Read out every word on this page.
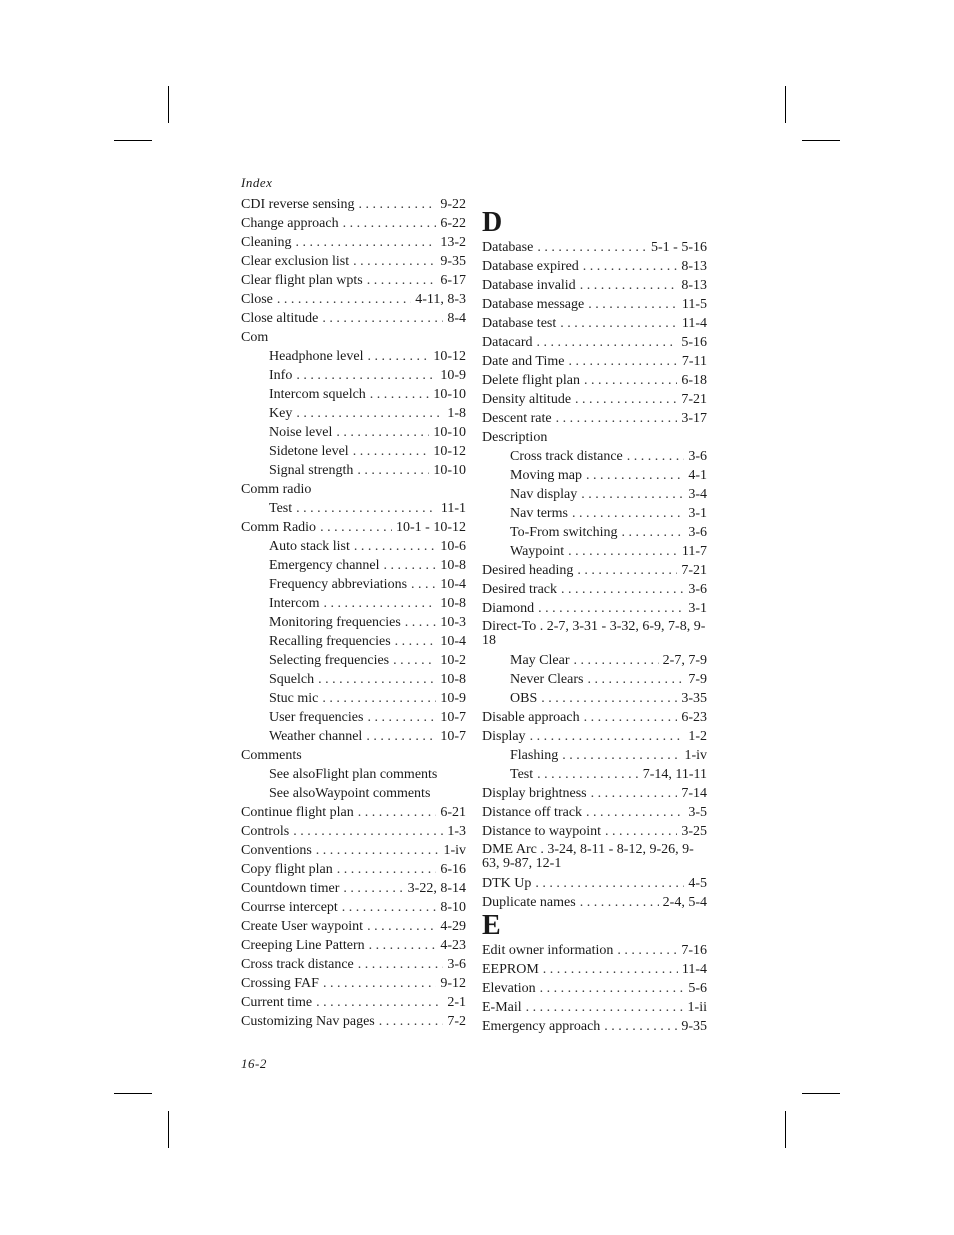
Index
CDI reverse sensing . . .	9-22
Change approach . . .	6-22
Cleaning . . .	13-2
Clear exclusion list . . .	9-35
Clear flight plan wpts . . .	6-17
Close . . .	4-11, 8-3
Close altitude . . .	8-4
Com
Headphone level . . .	10-12
Info . . .	10-9
Intercom squelch . . .	10-10
Key . . .	1-8
Noise level . . .	10-10
Sidetone level . . .	10-12
Signal strength . . .	10-10
Comm radio
Test . . .	11-1
Comm Radio . . .	10-1 - 10-12
Auto stack list . . .	10-6
Emergency channel . . .	10-8
Frequency abbreviations . . . 10-4
Intercom . . .	10-8
Monitoring frequencies . . .	10-3
Recalling frequencies . . .	10-4
Selecting frequencies . . .	10-2
Squelch . . .	10-8
Stuc mic . . .	10-9
User frequencies . . .	10-7
Weather channel . . .	10-7
Comments
See alsoFlight plan comments
See alsoWaypoint comments
Continue flight plan . . .	6-21
Controls . . .	1-3
Conventions . . .	1-iv
Copy flight plan . . .	6-16
Countdown timer . . .	3-22, 8-14
Courrse intercept . . .	8-10
Create User waypoint . . .	4-29
Creeping Line Pattern . . .	4-23
Cross track distance . . .	3-6
Crossing FAF . . .	9-12
Current time . . .	2-1
Customizing Nav pages . . .	7-2
D
Database . . .	5-1 - 5-16
Database expired . . .	8-13
Database invalid . . .	8-13
Database message . . .	11-5
Database test . . .	11-4
Datacard . . .	5-16
Date and Time . . .	7-11
Delete flight plan . . .	6-18
Density altitude . . .	7-21
Descent rate . . .	3-17
Description
Cross track distance . . .	3-6
Moving map . . .	4-1
Nav display . . .	3-4
Nav terms . . .	3-1
To-From switching . . .	3-6
Waypoint . . .	11-7
Desired heading . . .	7-21
Desired track . . .	3-6
Diamond . . .	3-1
Direct-To . 2-7, 3-31 - 3-32, 6-9, 7-8, 9-18
May Clear . . .	2-7, 7-9
Never Clears . . .	7-9
OBS . . .	3-35
Disable approach . . .	6-23
Display . . .	1-2
Flashing . . .	1-iv
Test . . .	7-14, 11-11
Display brightness . . .	7-14
Distance off track . . .	3-5
Distance to waypoint . . .	3-25
DME Arc . 3-24, 8-11 - 8-12, 9-26, 9-63, 9-87, 12-1
DTK Up . . .	4-5
Duplicate names . . .	2-4, 5-4
E
Edit owner information . . .	7-16
EEPROM . . .	11-4
Elevation . . .	5-6
E-Mail . . .	1-ii
Emergency approach . . .	9-35
16-2
